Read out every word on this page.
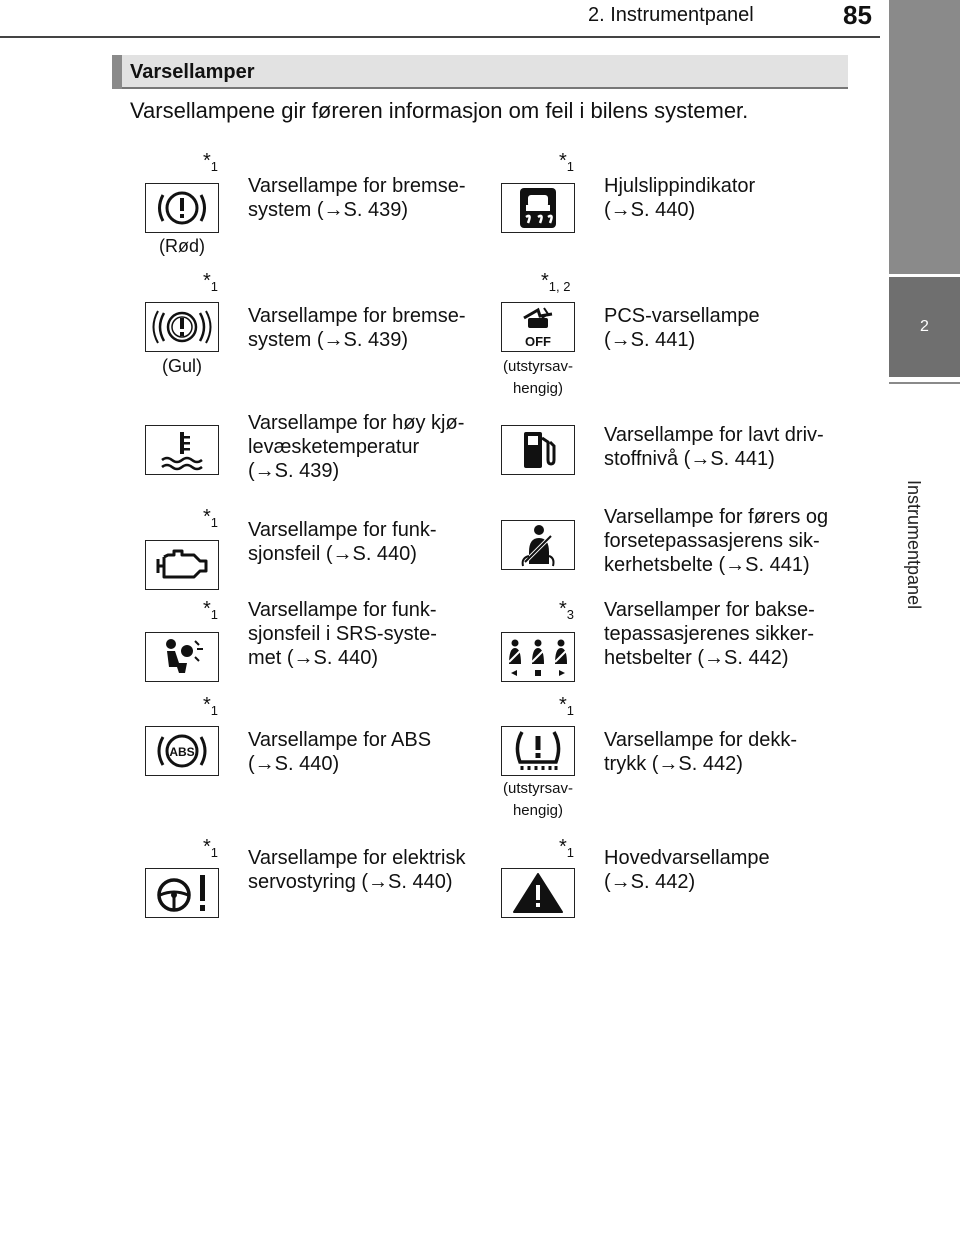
2. Instrumentpanel	85
2
Instrumentpanel
Varsellamper
Varsellampene gir føreren informasjon om feil i bilens systemer.
$*_1$
(Rød)
Varsellampe for bremse-
system (→S. 439)
$*_1$
Hjulslippindikator
(→S. 440)
$*_1$
(Gul)
Varsellampe for bremse-
system (→S. 439)
$*_{1, 2}$
OFF
(utstyrsav-
hengig)
PCS-varsellampe
(→S. 441)
Varsellampe for høy kjø-
levæsketemperatur
(→S. 439)
Varsellampe for lavt driv-
stoffnivå (→S. 441)
$*_1$ Varsellampe for funk-
sjonsfeil (→S. 440)
Varsellampe for førers og
forsetepassasjerens sik-
kerhetsbelte (→S. 441)
$*_1$ Varsellampe for funk-
sjonsfeil i SRS-syste-
met (→S. 440)
$*_3$ Varsellamper for bakse-
tepassasjerenes sikker-
hetsbelter (→S. 442)
$*_1$
ABS
Varsellampe for ABS
(→S. 440)
$*_1$
(utstyrsav-
hengig)
Varsellampe for dekk-
trykk (→S. 442)
$*_1$ Varsellampe for elektrisk
servostyring (→S. 440)
$*_1$ Hovedvarsellampe
(→S. 442)
